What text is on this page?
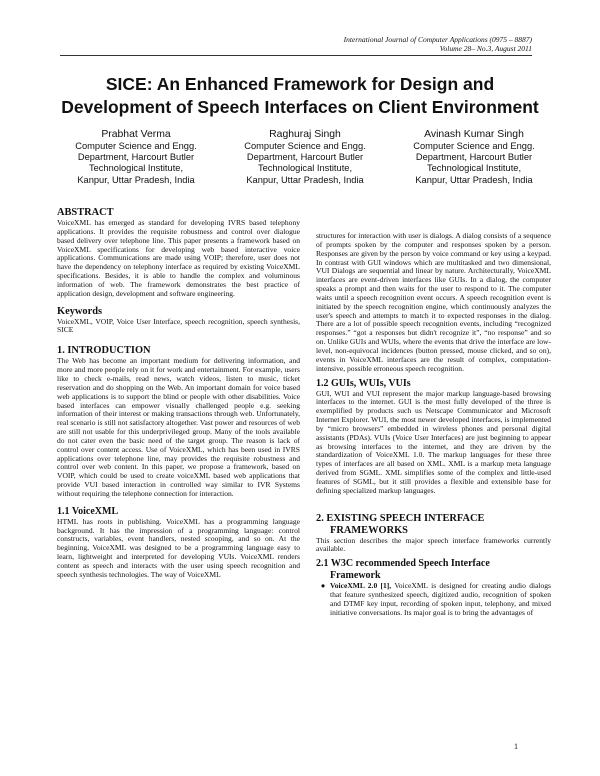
International Journal of Computer Applications (0975 – 8887)
Volume 28– No.3, August 2011
SICE: An Enhanced Framework for Design and
Development of Speech Interfaces on Client Environment
Prabhat Verma
Computer Science and Engg.
Department, Harcourt Butler
Technological Institute,
Kanpur, Uttar Pradesh, India
Raghuraj Singh
Computer Science and Engg.
Department, Harcourt Butler
Technological Institute,
Kanpur, Uttar Pradesh, India
Avinash Kumar Singh
Computer Science and Engg.
Department, Harcourt Butler
Technological Institute,
Kanpur, Uttar Pradesh, India
ABSTRACT

VoiceXML has emerged as standard for developing IVRS based telephony applications. It provides the requisite robustness and control over dialogue based delivery over telephone line. This paper presents a framework based on VoiceXML specifications for developing web based interactive voice applications. Communications are made using VOIP; therefore, user does not have the dependency on telephony interface as required by existing VoiceXML specifications. Besides, it is able to handle the complex and voluminous information of web. The framework demonstrates the best practice of application design, development and software engineering.

Keywords

VoiceXML, VOIP, Voice User Interface, speech recognition, speech synthesis, SICE

1. INTRODUCTION

The Web has become an important medium for delivering information, and more and more people rely on it for work and entertainment. For example, users like to check e-mails, read news, watch videos, listen to music, ticket reservation and do shopping on the Web. An important domain for voice based web applications is to support the blind or people with other disabilities. Voice based interfaces can empower visually challenged people e.g. seeking information of their interest or making transactions through web. Unfortunately, real scenario is still not satisfactory altogether. Vast power and resources of web are still not usable for this underprivileged group. Many of the tools available do not cater even the basic need of the target group. The reason is lack of control over content access. Use of VoiceXML, which has been used in IVRS applications over telephone line, may provides the requisite robustness and control over web content. In this paper, we propose a framework, based on VOIP, which could be used to create voiceXML based web applications that provide VUI based interaction in controlled way similar to IVR Systems without requiring the telephone connection for interaction.

1.1 VoiceXML

HTML has roots in publishing. VoiceXML has a programming language background. It has the impression of a programming language: control constructs, variables, event handlers, nested scooping, and so on. At the beginning, VoiceXML was designed to be a programming language easy to learn, lightweight and interpreted for developing VUIs. VoiceXML renders content as speech and interacts with the user using speech recognition and speech synthesis technologies. The way of VoiceXML

structures for interaction with user is dialogs. A dialog consists of a sequence of prompts spoken by the computer and responses spoken by a person. Responses are given by the person by voice command or key using a keypad. In contrast with GUI windows which are multitasked and two dimensional, VUI Dialogs are sequential and linear by nature. Architecturally, VoiceXML interfaces are event-driven interfaces like GUIs. In a dialog, the computer speaks a prompt and then waits for the user to respond to it. The computer waits until a speech recognition event occurs. A speech recognition event is initiated by the speech recognition engine, which continuously analyzes the user's speech and attempts to match it to expected responses in the dialog. There are a lot of possible speech recognition events, including “recognized responses.” “got a responses but didn't recognize it”, “no response” and so on. Unlike GUIs and WUIs, where the events that drive the interface are low-level, non-equivocal incidences (button pressed, mouse clicked, and so on), events in VoiceXML interfaces are the result of complex, computation-intensive, possible erroneous speech recognition.

1.2 GUIs, WUIs, VUIs

GUI, WUI and VUI represent the major markup language-based browsing interfaces to the internet. GUI is the most fully developed of the three is exemplified by products such us Netscape Communicator and Microsoft Internet Explorer. WUI, the most newer developed interfaces, is implemented by “micro browsers” embedded in wireless phones and personal digital assistants (PDAs). VUIs (Voice User Interfaces) are just beginning to appear as browsing interfaces to the internet, and they are driven by the standardization of VoiceXML 1.0. The markup languages for these three types of interfaces are all based on XML. XML is a markup meta language derived from SGML. XML simplifies some of the complex and little-used features of SGML, but it still provides a flexible and extensible base for defining specialized markup languages.

2. EXISTING SPEECH INTERFACE
FRAMEWORKS

This section describes the major speech interface frameworks currently available.

2.1 W3C recommended Speech Interface
Framework
● VoiceXML 2.0 [1], VoiceXML is designed for creating audio dialogs that feature synthesized speech, digitized audio, recognition of spoken and DTMF key input, recording of spoken input, telephony, and mixed initiative conversations. Its major goal is to bring the advantages of
1
